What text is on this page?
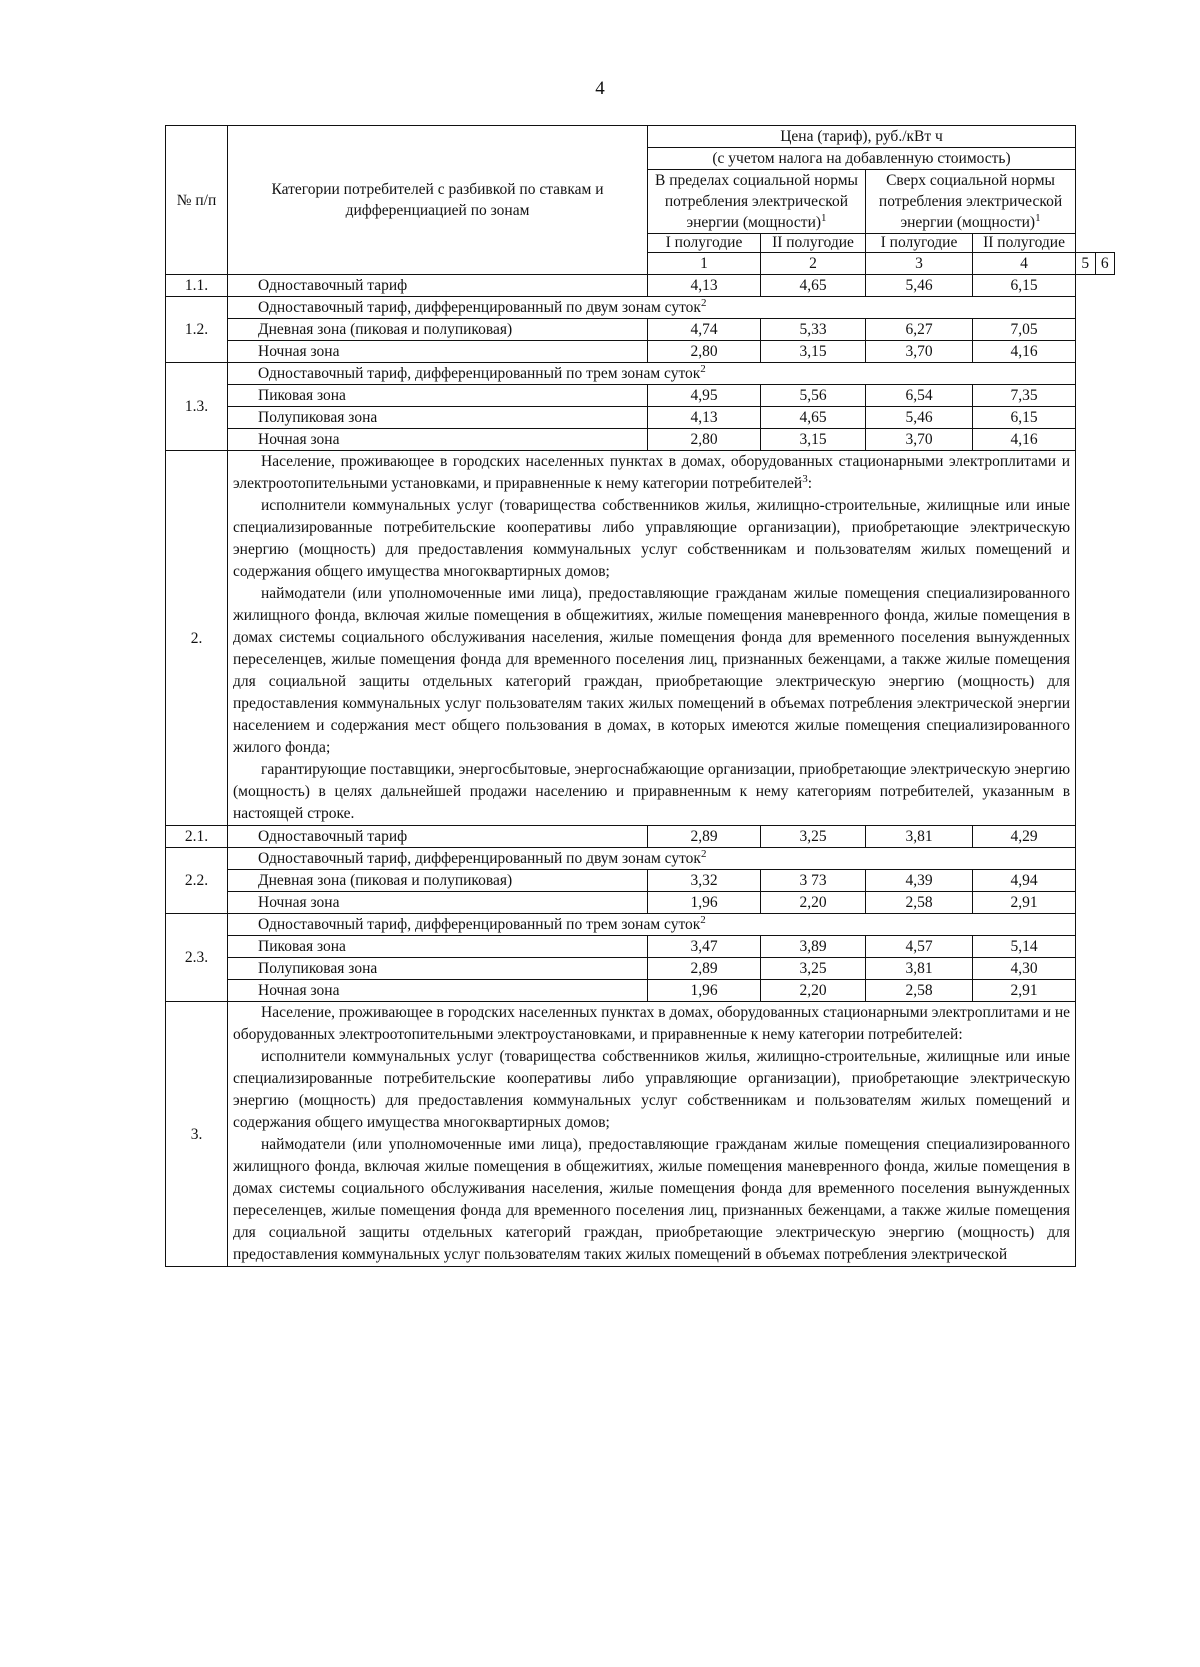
4
№ п/п	Категории потребителей с разбивкой по ставкам и дифференциацией по зонам	Цена (тариф), руб./кВт ч					
		(с учетом налога на добавленную стоимость)					
		В пределах социальной нормы потребления электрической энергии (мощности)$^1$		Сверх социальной нормы потребления электрической энергии (мощности)$^1$
		I полугодие	II полугодие	I полугодие	II полугодие		
		1	2	3	4	5	6
1.1.	Одноставочный тариф	4,13	4,65	5,46	6,15		
1.2.	Одноставочный тариф, дифференцированный по двум зонам суток$^2$
	Дневная зона (пиковая и полупиковая)	4,74	5,33	6,27	7,05		
	Ночная зона	2,80	3,15	3,70	4,16		
1.3.	Одноставочный тариф, дифференцированный по трем зонам суток$^2$
	Пиковая зона	4,95	5,56	6,54	7,35		
	Полупиковая зона	4,13	4,65	5,46	6,15		
	Ночная зона	2,80	3,15	3,70	4,16		
2.	Население, проживающее в городских населенных пунктах в домах, оборудованных стационарными электроплитами и электроотопительными установками, и приравненные к нему категории потребителей$^3$:

исполнители коммунальных услуг (товарищества собственников жилья, жилищно-строительные, жилищные или иные специализированные потребительские кооперативы либо управляющие организации), приобретающие электрическую энергию (мощность) для предоставления коммунальных услуг собственникам и пользователям жилых помещений и содержания общего имущества многоквартирных домов;

наймодатели (или уполномоченные ими лица), предоставляющие гражданам жилые помещения специализированного жилищного фонда, включая жилые помещения в общежитиях, жилые помещения маневренного фонда, жилые помещения в домах системы социального обслуживания населения, жилые помещения фонда для временного поселения вынужденных переселенцев, жилые помещения фонда для временного поселения лиц, признанных беженцами, а также жилые помещения для социальной защиты отдельных категорий граждан, приобретающие электрическую энергию (мощность) для предоставления коммунальных услуг пользователям таких жилых помещений в объемах потребления электрической энергии населением и содержания мест общего пользования в домах, в которых имеются жилые помещения специализированного жилого фонда;

гарантирующие поставщики, энергосбытовые, энергоснабжающие организации, приобретающие электрическую энергию (мощность) в целях дальнейшей продажи населению и приравненным к нему категориям потребителей, указанным в настоящей строке.						

2.1.	Одноставочный тариф	2,89	3,25	3,81	4,29		
2.2.	Одноставочный тариф, дифференцированный по двум зонам суток$^2$
	Дневная зона (пиковая и полупиковая)	3,32	3 73	4,39	4,94		
	Ночная зона	1,96	2,20	2,58	2,91		
2.3.	Одноставочный тариф, дифференцированный по трем зонам суток$^2$
	Пиковая зона	3,47	3,89	4,57	5,14		
	Полупиковая зона	2,89	3,25	3,81	4,30		
	Ночная зона	1,96	2,20	2,58	2,91		
3.	Население, проживающее в городских населенных пунктах в домах, оборудованных стационарными электроплитами и не оборудованных электроотопительными электроустановками, и приравненные к нему категории потребителей:

исполнители коммунальных услуг (товарищества собственников жилья, жилищно-строительные, жилищные или иные специализированные потребительские кооперативы либо управляющие организации), приобретающие электрическую энергию (мощность) для предоставления коммунальных услуг собственникам и пользователям жилых помещений и содержания общего имущества многоквартирных домов;

наймодатели (или уполномоченные ими лица), предоставляющие гражданам жилые помещения специализированного жилищного фонда, включая жилые помещения в общежитиях, жилые помещения маневренного фонда, жилые помещения в домах системы социального обслуживания населения, жилые помещения фонда для временного поселения вынужденных переселенцев, жилые помещения фонда для временного поселения лиц, признанных беженцами, а также жилые помещения для социальной защиты отдельных категорий граждан, приобретающие электрическую энергию (мощность) для предоставления коммунальных услуг пользователям таких жилых помещений в объемах потребления электрической						
